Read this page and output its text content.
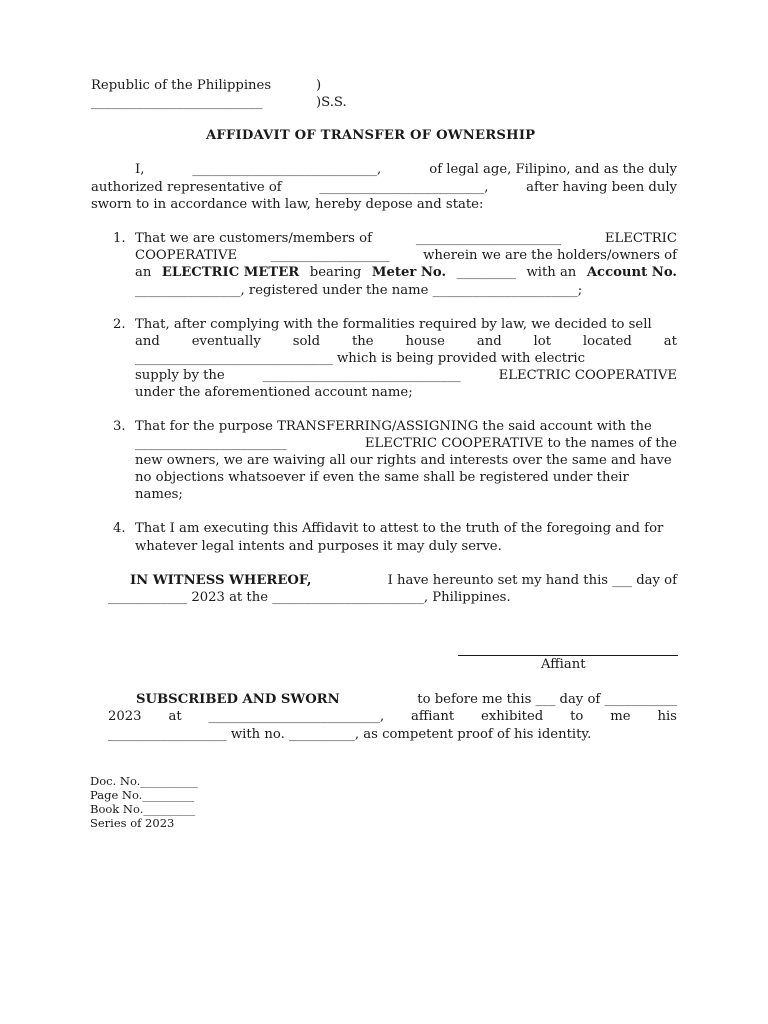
Republic of the Philippines	)
__________________________	)S.S.
AFFIDAVIT OF TRANSFER OF OWNERSHIP
I,	____________________________,	of legal age, Filipino, and as the duly
authorized representative of	_________________________,	after having been duly
sworn to in accordance with law, hereby depose and state:
1. That we are customers/members of	______________________	ELECTRIC
COOPERATIVE	__________________	wherein we are the holders/owners of
an ELECTRIC METER bearing Meter No. _________ with an Account No.
________________, registered under the name ______________________;
2. That, after complying with the formalities required by law, we decided to sell
and eventually sold the house and lot located at
______________________________ which is being provided with electric
supply by the	______________________________	ELECTRIC COOPERATIVE
under the aforementioned account name;
3. That for the purpose TRANSFERRING/ASSIGNING the said account with the
_______________________	ELECTRIC COOPERATIVE to the names of the
new owners, we are waiving all our rights and interests over the same and have
no objections whatsoever if even the same shall be registered under their
names;
4. That I am executing this Affidavit to attest to the truth of the foregoing and for
whatever legal intents and purposes it may duly serve.
IN WITNESS WHEREOF,	I have hereunto set my hand this ___ day of
____________ 2023 at the _______________________, Philippines.
Affiant
SUBSCRIBED AND SWORN	to before me this ___ day of ___________
2023 at __________________________, affiant exhibited to me his
__________________ with no. __________, as competent proof of his identity.
Doc. No.__________
Page No._________
Book No._________
Series of 2023
